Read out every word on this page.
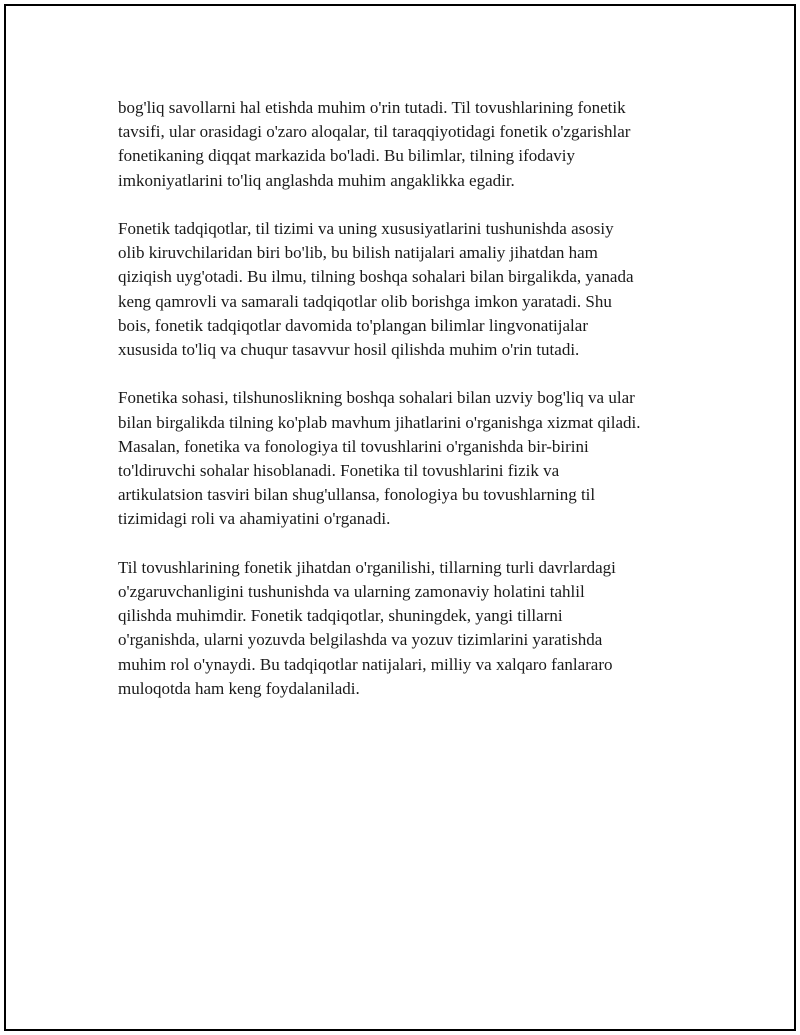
bog'liq savollarni hal etishda muhim o'rin tutadi. Til tovushlarining fonetik
tavsifi, ular orasidagi o'zaro aloqalar, til taraqqiyotidagi fonetik o'zgarishlar
fonetikaning diqqat markazida bo'ladi. Bu bilimlar, tilning ifodaviy
imkoniyatlarini to'liq anglashda muhim angaklikka egadir.

Fonetik tadqiqotlar, til tizimi va uning xususiyatlarini tushunishda asosiy
olib kiruvchilaridan biri bo'lib, bu bilish natijalari amaliy jihatdan ham
qiziqish uyg'otadi. Bu ilmu, tilning boshqa sohalari bilan birgalikda, yanada
keng qamrovli va samarali tadqiqotlar olib borishga imkon yaratadi. Shu
bois, fonetik tadqiqotlar davomida to'plangan bilimlar lingvonatijalar
xususida to'liq va chuqur tasavvur hosil qilishda muhim o'rin tutadi.

Fonetika sohasi, tilshunoslikning boshqa sohalari bilan uzviy bog'liq va ular
bilan birgalikda tilning ko'plab mavhum jihatlarini o'rganishga xizmat qiladi.
Masalan, fonetika va fonologiya til tovushlarini o'rganishda bir-birini
to'ldiruvchi sohalar hisoblanadi. Fonetika til tovushlarini fizik va
artikulatsion tasviri bilan shug'ullansa, fonologiya bu tovushlarning til
tizimidagi roli va ahamiyatini o'rganadi.

Til tovushlarining fonetik jihatdan o'rganilishi, tillarning turli davrlardagi
o'zgaruvchanligini tushunishda va ularning zamonaviy holatini tahlil
qilishda muhimdir. Fonetik tadqiqotlar, shuningdek, yangi tillarni
o'rganishda, ularni yozuvda belgilashda va yozuv tizimlarini yaratishda
muhim rol o'ynaydi. Bu tadqiqotlar natijalari, milliy va xalqaro fanlararo
muloqotda ham keng foydalaniladi.
